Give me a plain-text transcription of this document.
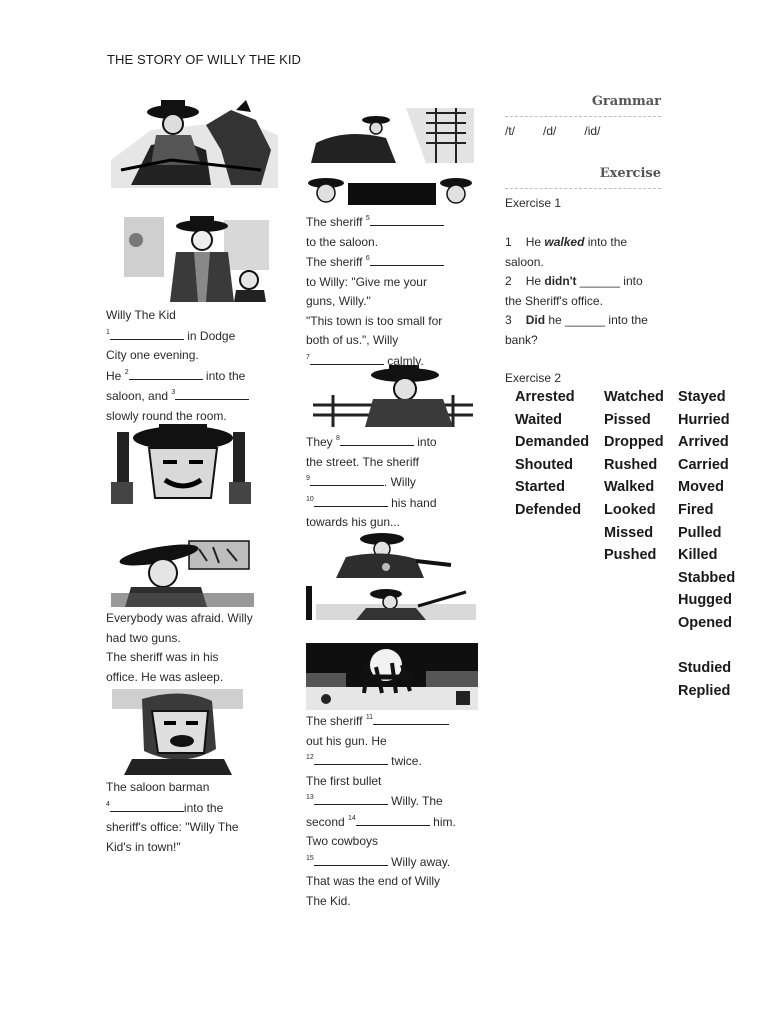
THE STORY OF WILLY THE KID
Willy The Kid
$^1$	in Dodge
City one evening.
He $^2$	into the
saloon, and $^3$
slowly round the room.
Everybody was afraid. Willy
had two guns.
The sheriff was in his
office. He was asleep.
The saloon barman
$^4$	into the
sheriff's office: "Willy The
Kid's in town!"
The sheriff $^5$
to the saloon.
The sheriff $^6$
to Willy: "Give me your
guns, Willy."
"This town is too small for
both of us.", Willy
$^7$	calmly.
They $^8$	into
the street. The sheriff
$^9$	. Willy
$^{10}$	his hand
towards his gun...
The sheriff $^{11}$
out his gun. He
$^{12}$	twice.
The first bullet
$^{13}$	Willy. The
second $^{14}$	him.
Two cowboys
$^{15}$	Willy away.
That was the end of Willy
The Kid.
Grammar
/t/ /d/ /id/
Exercise
Exercise 1
1 He walked into the
saloon.
2 He didn't ______ into
the Sheriff's office.
3 Did he ______ into the
bank?
Exercise 2
Arrested
Waited
Demanded
Shouted
Started
Defended
Watched
Pissed
Dropped
Rushed
Walked
Looked
Missed
Pushed
Stayed
Hurried
Arrived
Carried
Moved
Fired
Pulled
Killed
Stabbed
Hugged
Opened
Studied
Replied
